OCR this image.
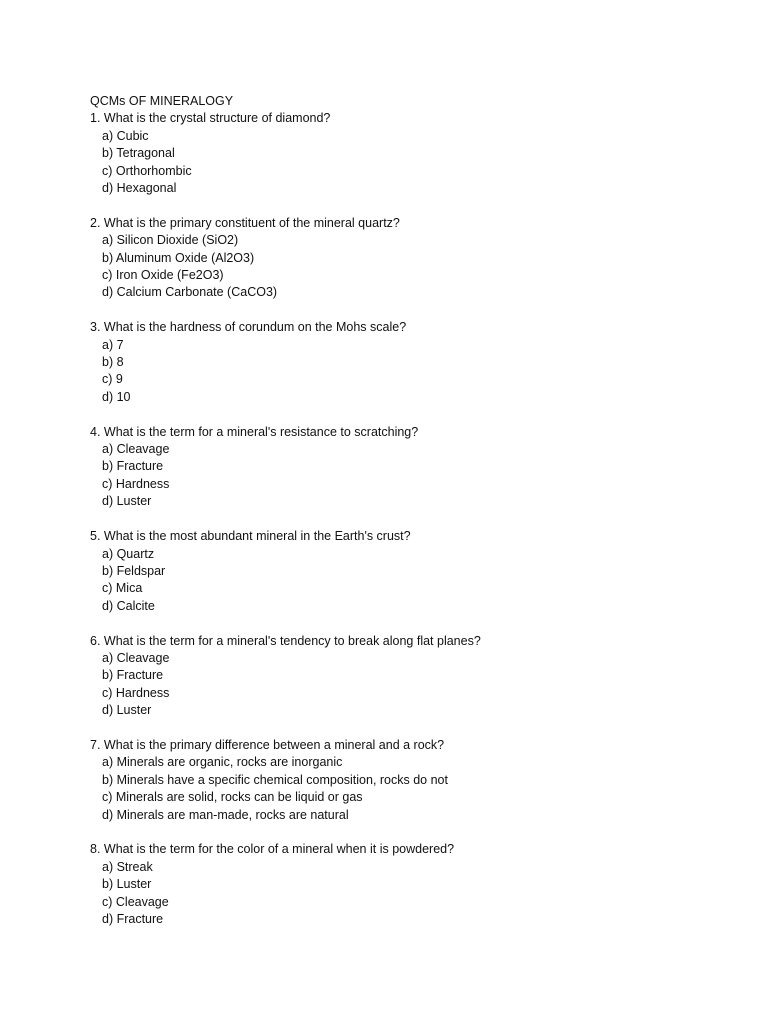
QCMs OF MINERALOGY
1. What is the crystal structure of diamond?
a) Cubic
b) Tetragonal
c) Orthorhombic
d) Hexagonal
2. What is the primary constituent of the mineral quartz?
a) Silicon Dioxide (SiO2)
b) Aluminum Oxide (Al2O3)
c) Iron Oxide (Fe2O3)
d) Calcium Carbonate (CaCO3)
3. What is the hardness of corundum on the Mohs scale?
a) 7
b) 8
c) 9
d) 10
4. What is the term for a mineral's resistance to scratching?
a) Cleavage
b) Fracture
c) Hardness
d) Luster
5. What is the most abundant mineral in the Earth's crust?
a) Quartz
b) Feldspar
c) Mica
d) Calcite
6. What is the term for a mineral's tendency to break along flat planes?
a) Cleavage
b) Fracture
c) Hardness
d) Luster
7. What is the primary difference between a mineral and a rock?
a) Minerals are organic, rocks are inorganic
b) Minerals have a specific chemical composition, rocks do not
c) Minerals are solid, rocks can be liquid or gas
d) Minerals are man-made, rocks are natural
8. What is the term for the color of a mineral when it is powdered?
a) Streak
b) Luster
c) Cleavage
d) Fracture
